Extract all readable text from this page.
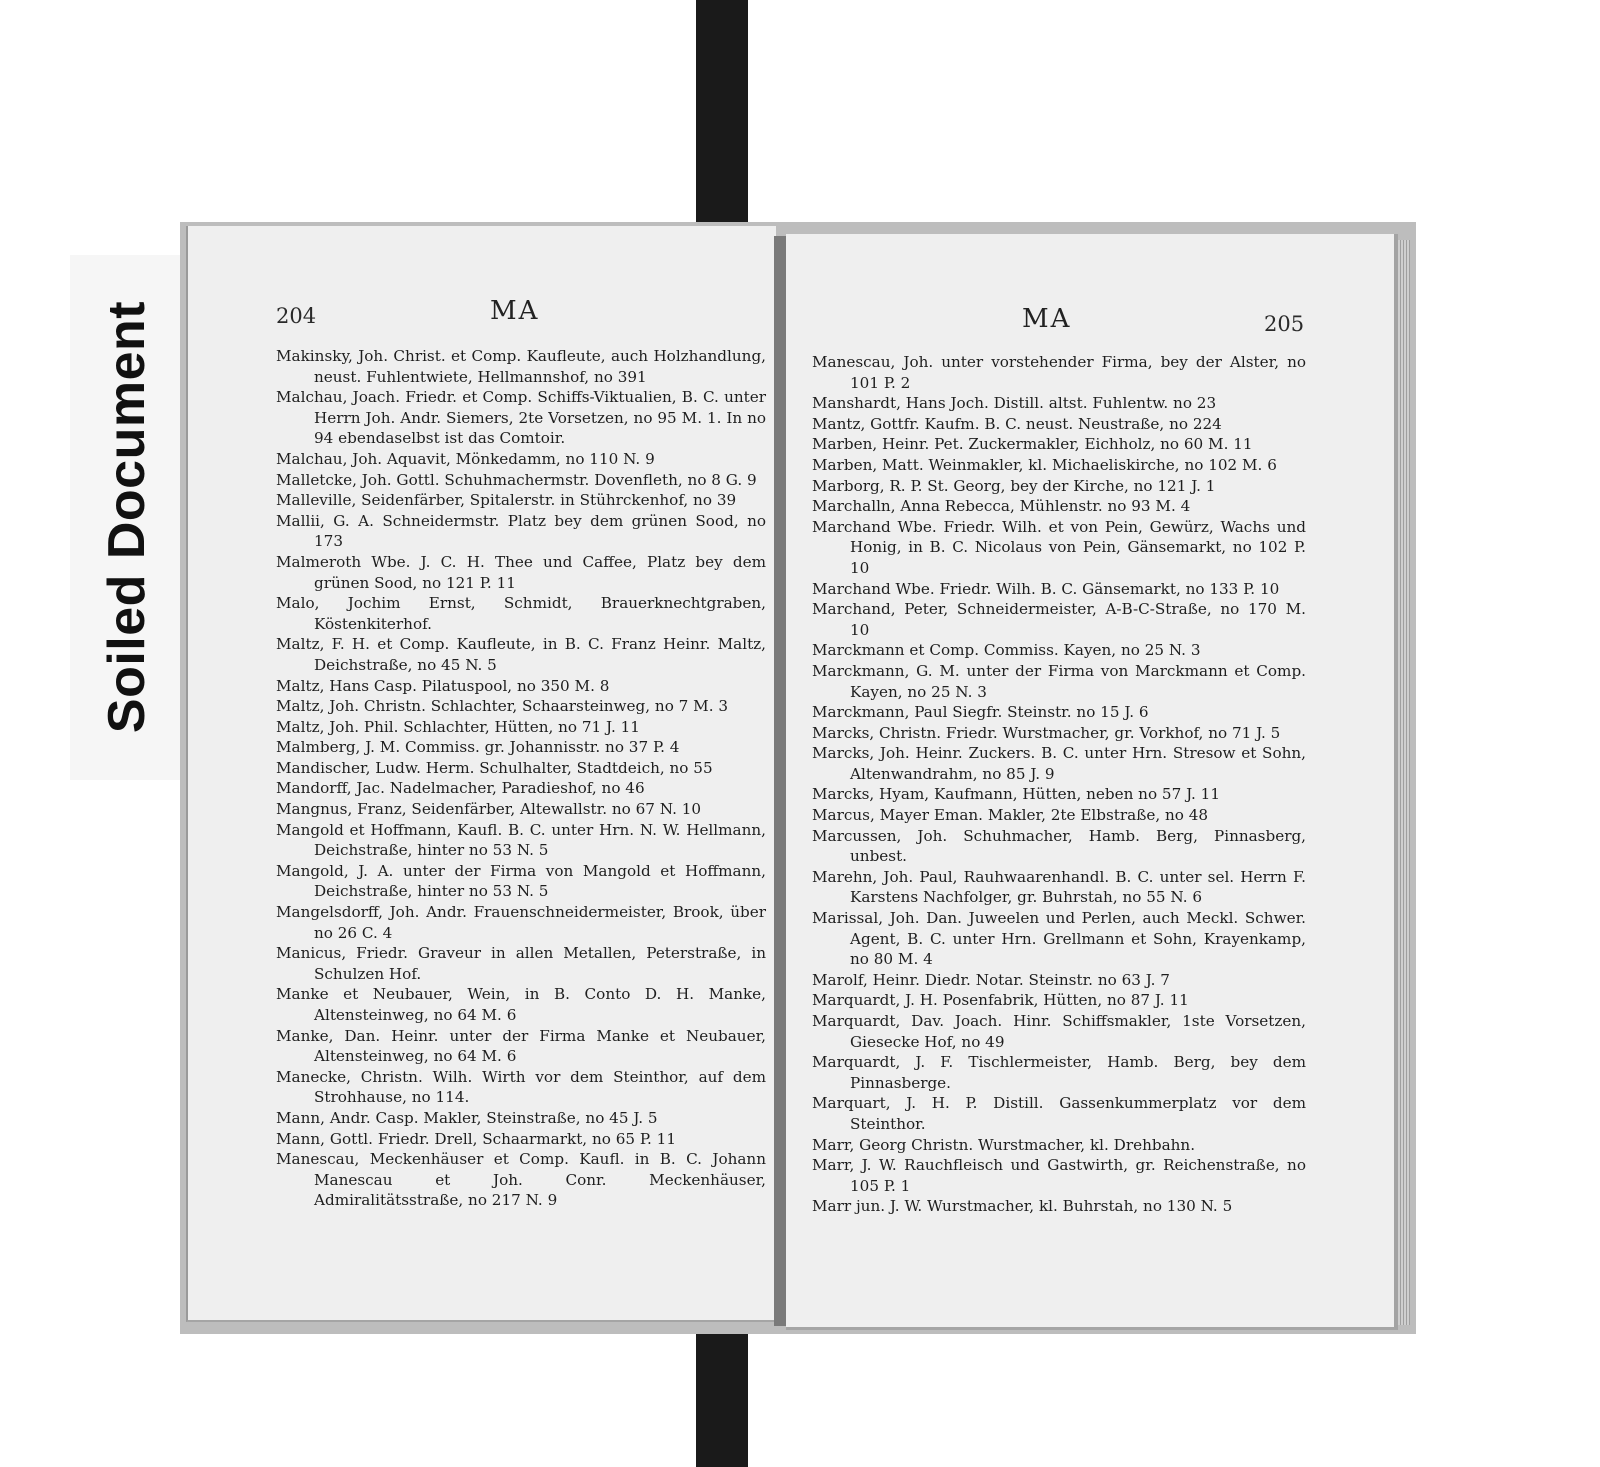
Soiled Document	204	MA
Makinsky, Joh. Christ. et Comp. Kaufleute, auch Holzhandlung, neust. Fuhlentwiete, Hellmannshof, no 391
Malchau, Joach. Friedr. et Comp. Schiffs-Viktualien, B. C. unter Herrn Joh. Andr. Siemers, 2te Vorsetzen, no 95 M. 1. In no 94 ebendaselbst ist das Comtoir.
Malchau, Joh. Aquavit, Mönkedamm, no 110 N. 9
Malletcke, Joh. Gottl. Schuhmachermstr. Dovenfleth, no 8 G. 9
Malleville, Seidenfärber, Spitalerstr. in Stührckenhof, no 39
Mallii, G. A. Schneidermstr. Platz bey dem grünen Sood, no 173
Malmeroth Wbe. J. C. H. Thee und Caffee, Platz bey dem grünen Sood, no 121 P. 11
Malo, Jochim Ernst, Schmidt, Brauerknechtgraben, Köstenkiterhof.
Maltz, F. H. et Comp. Kaufleute, in B. C. Franz Heinr. Maltz, Deichstraße, no 45 N. 5
Maltz, Hans Casp. Pilatuspool, no 350 M. 8
Maltz, Joh. Christn. Schlachter, Schaarsteinweg, no 7 M. 3
Maltz, Joh. Phil. Schlachter, Hütten, no 71 J. 11
Malmberg, J. M. Commiss. gr. Johannisstr. no 37 P. 4
Mandischer, Ludw. Herm. Schulhalter, Stadtdeich, no 55
Mandorff, Jac. Nadelmacher, Paradieshof, no 46
Mangnus, Franz, Seidenfärber, Altewallstr. no 67 N. 10
Mangold et Hoffmann, Kaufl. B. C. unter Hrn. N. W. Hellmann, Deichstraße, hinter no 53 N. 5
Mangold, J. A. unter der Firma von Mangold et Hoffmann, Deichstraße, hinter no 53 N. 5
Mangelsdorff, Joh. Andr. Frauenschneidermeister, Brook, über no 26 C. 4
Manicus, Friedr. Graveur in allen Metallen, Peterstraße, in Schulzen Hof.
Manke et Neubauer, Wein, in B. Conto D. H. Manke, Altensteinweg, no 64 M. 6
Manke, Dan. Heinr. unter der Firma Manke et Neubauer, Altensteinweg, no 64 M. 6
Manecke, Christn. Wilh. Wirth vor dem Steinthor, auf dem Strohhause, no 114.
Mann, Andr. Casp. Makler, Steinstraße, no 45 J. 5
Mann, Gottl. Friedr. Drell, Schaarmarkt, no 65 P. 11
Manescau, Meckenhäuser et Comp. Kaufl. in B. C. Johann Manescau et Joh. Conr. Meckenhäuser, Admiralitätsstraße, no 217 N. 9
MA	205
Manescau, Joh. unter vorstehender Firma, bey der Alster, no 101 P. 2
Manshardt, Hans Joch. Distill. altst. Fuhlentw. no 23
Mantz, Gottfr. Kaufm. B. C. neust. Neustraße, no 224
Marben, Heinr. Pet. Zuckermakler, Eichholz, no 60 M. 11
Marben, Matt. Weinmakler, kl. Michaeliskirche, no 102 M. 6
Marborg, R. P. St. Georg, bey der Kirche, no 121 J. 1
Marchalln, Anna Rebecca, Mühlenstr. no 93 M. 4
Marchand Wbe. Friedr. Wilh. et von Pein, Gewürz, Wachs und Honig, in B. C. Nicolaus von Pein, Gänsemarkt, no 102 P. 10
Marchand Wbe. Friedr. Wilh. B. C. Gänsemarkt, no 133 P. 10
Marchand, Peter, Schneidermeister, A-B-C-Straße, no 170 M. 10
Marckmann et Comp. Commiss. Kayen, no 25 N. 3
Marckmann, G. M. unter der Firma von Marckmann et Comp. Kayen, no 25 N. 3
Marckmann, Paul Siegfr. Steinstr. no 15 J. 6
Marcks, Christn. Friedr. Wurstmacher, gr. Vorkhof, no 71 J. 5
Marcks, Joh. Heinr. Zuckers. B. C. unter Hrn. Stresow et Sohn, Altenwandrahm, no 85 J. 9
Marcks, Hyam, Kaufmann, Hütten, neben no 57 J. 11
Marcus, Mayer Eman. Makler, 2te Elbstraße, no 48
Marcussen, Joh. Schuhmacher, Hamb. Berg, Pinnasberg, unbest.
Marehn, Joh. Paul, Rauhwaarenhandl. B. C. unter sel. Herrn F. Karstens Nachfolger, gr. Buhrstah, no 55 N. 6
Marissal, Joh. Dan. Juweelen und Perlen, auch Meckl. Schwer. Agent, B. C. unter Hrn. Grellmann et Sohn, Krayenkamp, no 80 M. 4
Marolf, Heinr. Diedr. Notar. Steinstr. no 63 J. 7
Marquardt, J. H. Posenfabrik, Hütten, no 87 J. 11
Marquardt, Dav. Joach. Hinr. Schiffsmakler, 1ste Vorsetzen, Giesecke Hof, no 49
Marquardt, J. F. Tischlermeister, Hamb. Berg, bey dem Pinnasberge.
Marquart, J. H. P. Distill. Gassenkummerplatz vor dem Steinthor.
Marr, Georg Christn. Wurstmacher, kl. Drehbahn.
Marr, J. W. Rauchfleisch und Gastwirth, gr. Reichenstraße, no 105 P. 1
Marr jun. J. W. Wurstmacher, kl. Buhrstah, no 130 N. 5
